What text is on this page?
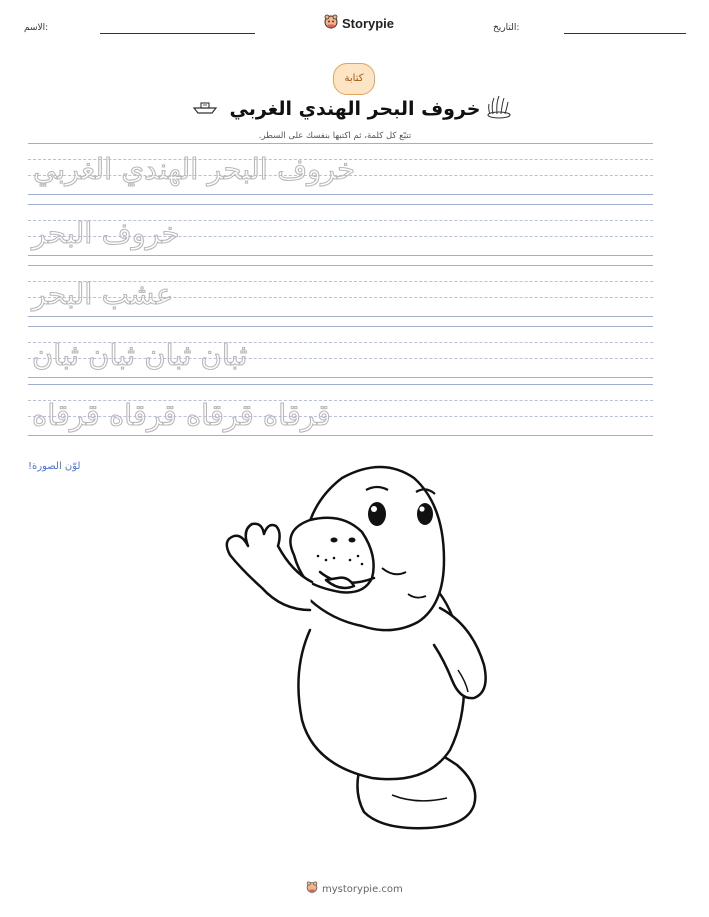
الاسم:	Storypie	التاريخ:
كتابة
خروف البحر الهندي الغربي
تتبّع كل كلمة، ثم اكتبها بنفسك على السطر.
خروف البحر الهندي الغربي
خروف البحر
عشب البحر
ثبان ثبان ثبان ثبان
قرقاه قرقاه قرقاه قرقاه
لوّن الصورة!
mystorypie.com
